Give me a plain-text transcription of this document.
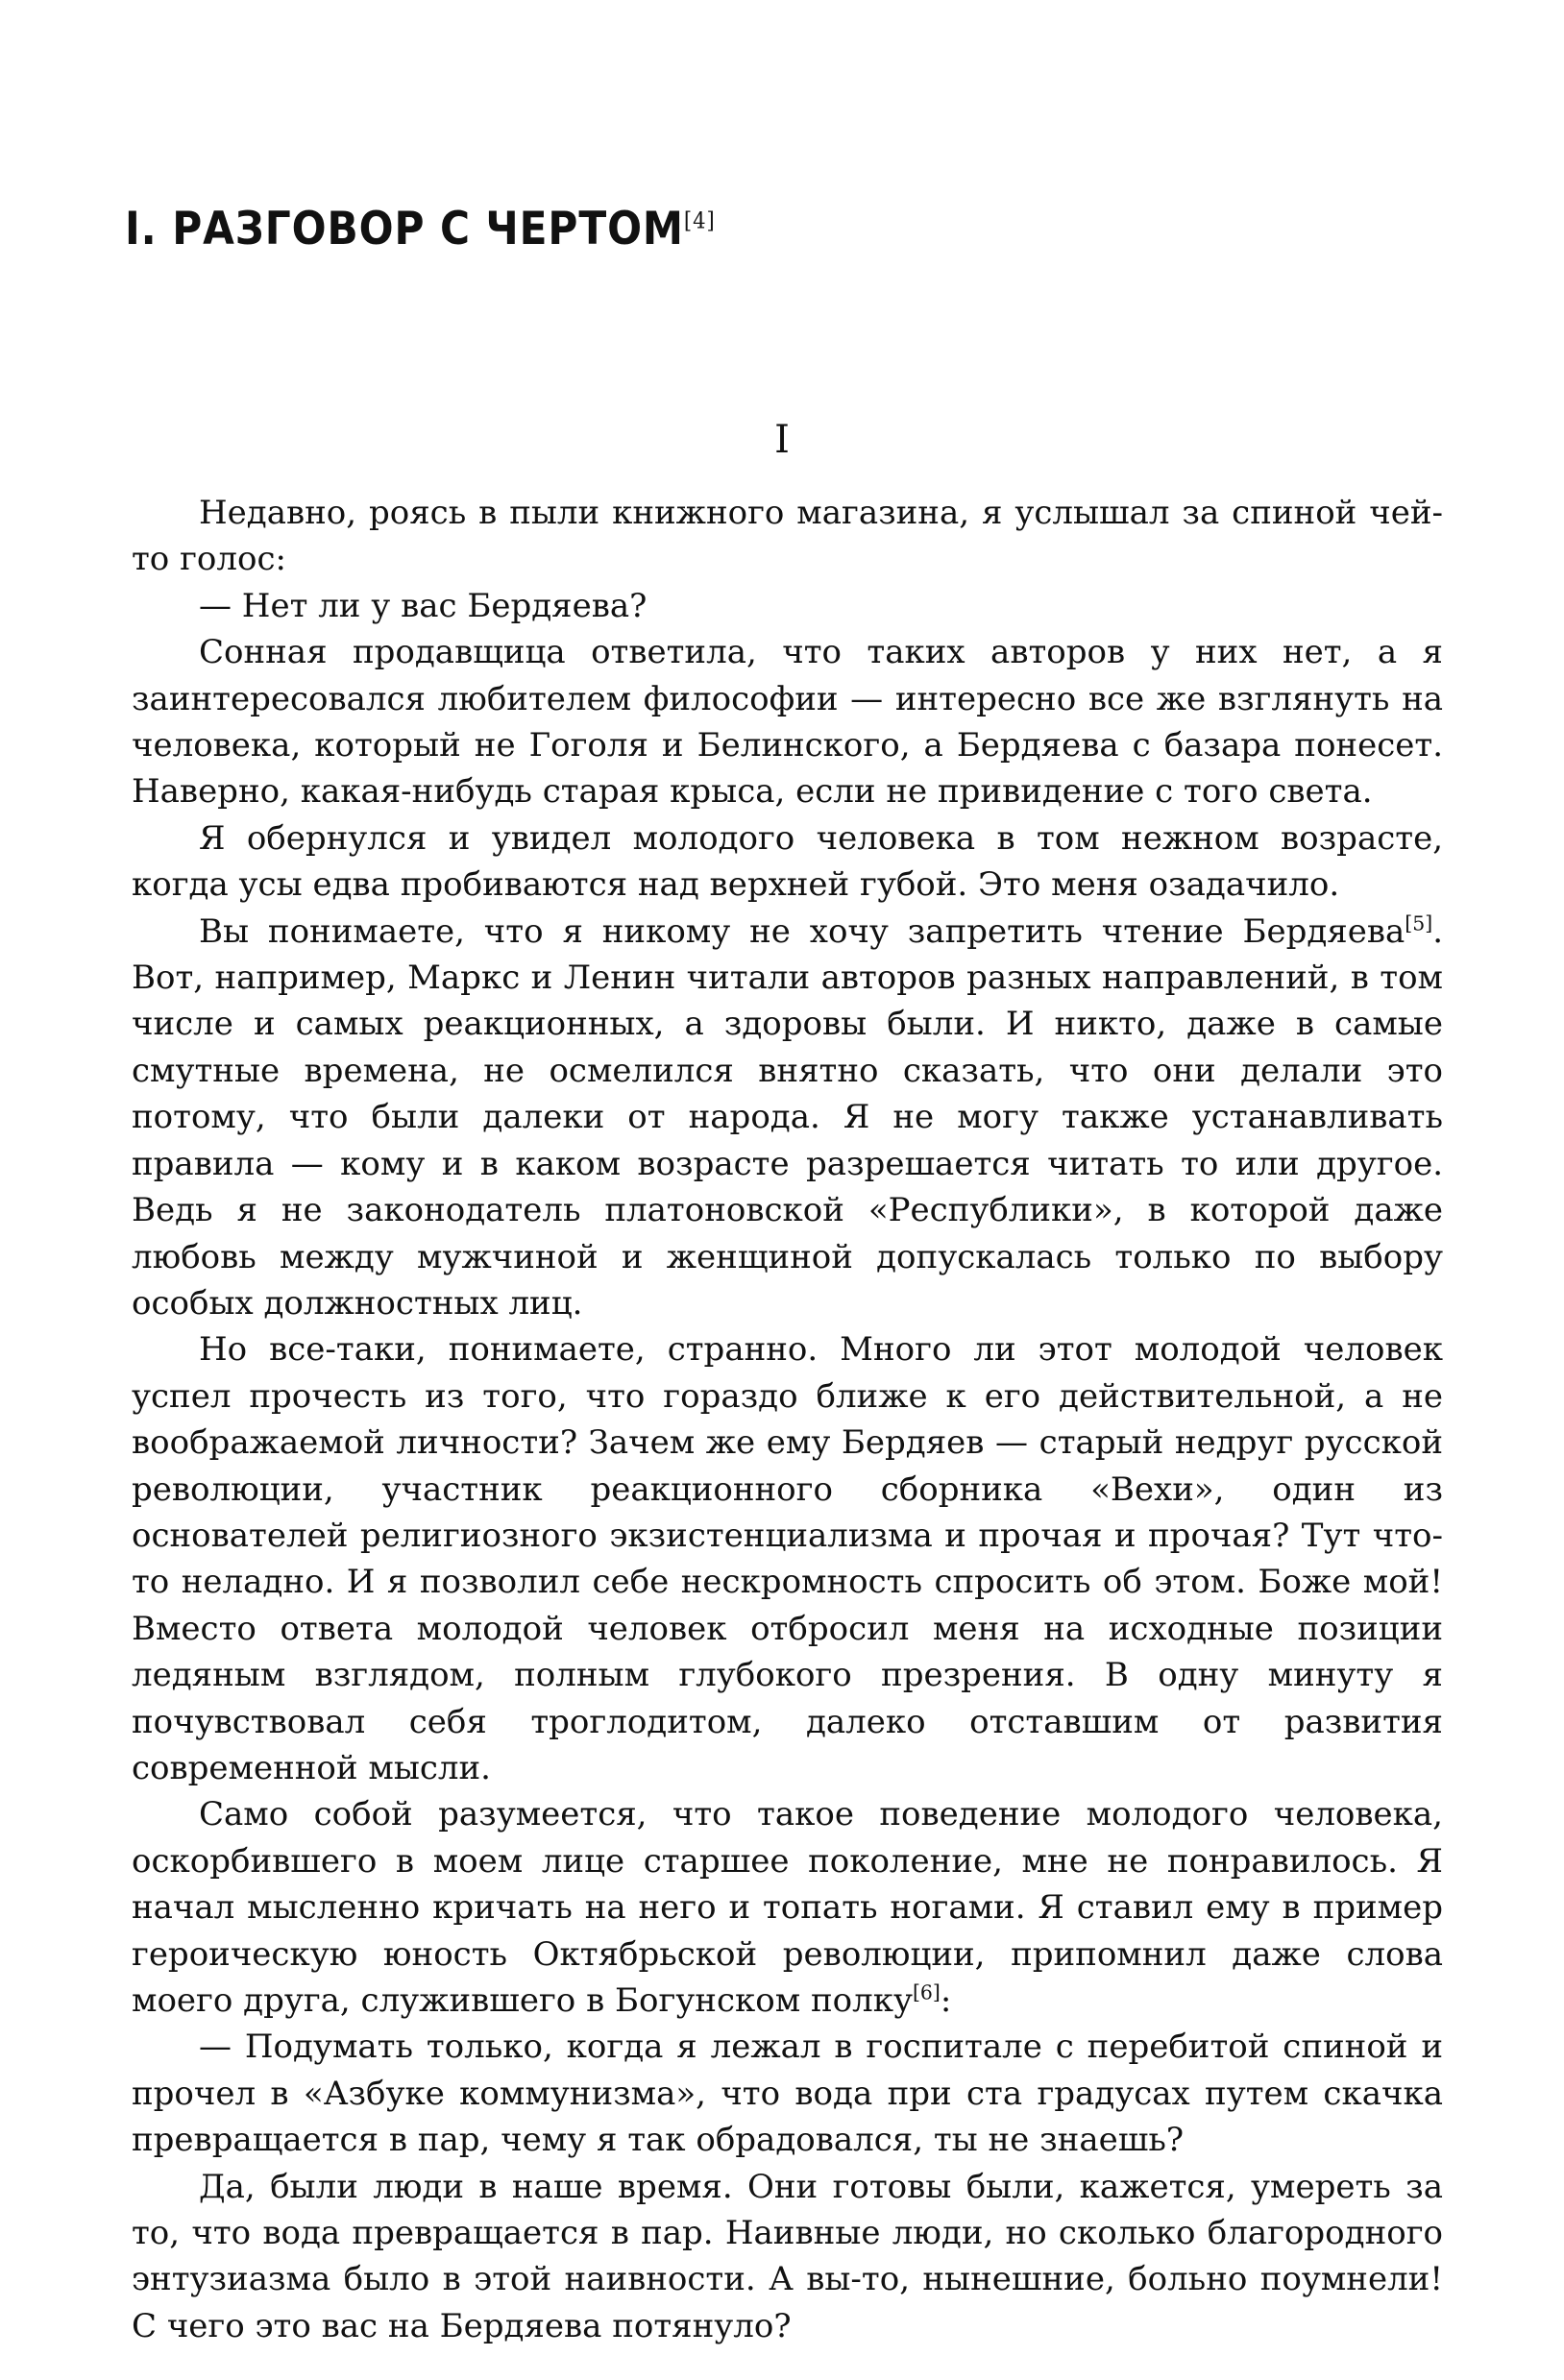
I. РАЗГОВОР С ЧЕРТОМ[4]
I

Недавно, роясь в пыли книжного магазина, я услышал за спиной чей-то голос:

— Нет ли у вас Бердяева?

Сонная продавщица ответила, что таких авторов у них нет, а я заинтересовался любителем философии — интересно все же взглянуть на человека, который не Гоголя и Белинского, а Бердяева с базара понесет. Наверно, какая-нибудь старая крыса, если не привидение с того света.

Я обернулся и увидел молодого человека в том нежном возрасте, когда усы едва пробиваются над верхней губой. Это меня озадачило.

Вы понимаете, что я никому не хочу запретить чтение Бердяева[5]. Вот, например, Маркс и Ленин читали авторов разных направлений, в том числе и самых реакционных, а здоровы были. И никто, даже в самые смутные времена, не осмелился внятно сказать, что они делали это потому, что были далеки от народа. Я не могу также устанавливать правила — кому и в каком возрасте разрешается читать то или другое. Ведь я не законодатель платоновской «Республики», в которой даже любовь между мужчиной и женщиной допускалась только по выбору особых должностных лиц.

Но все-таки, понимаете, странно. Много ли этот молодой человек успел прочесть из того, что гораздо ближе к его действительной, а не воображаемой личности? Зачем же ему Бердяев — старый недруг русской революции, участник реакционного сборника «Вехи», один из основателей религиозного экзистенциализма и прочая и прочая? Тут что-то неладно. И я позволил себе нескромность спросить об этом. Боже мой! Вместо ответа молодой человек отбросил меня на исходные позиции ледяным взглядом, полным глубокого презрения. В одну минуту я почувствовал себя троглодитом, далеко отставшим от развития современной мысли.

Само собой разумеется, что такое поведение молодого человека, оскорбившего в моем лице старшее поколение, мне не понравилось. Я начал мысленно кричать на него и топать ногами. Я ставил ему в пример героическую юность Октябрьской революции, припомнил даже слова моего друга, служившего в Богунском полку[6]:

— Подумать только, когда я лежал в госпитале с перебитой спиной и прочел в «Азбуке коммунизма», что вода при ста градусах путем скачка превращается в пар, чему я так обрадовался, ты не знаешь?

Да, были люди в наше время. Они готовы были, кажется, умереть за то, что вода превращается в пар. Наивные люди, но сколько благородного энтузиазма было в этой наивности. А вы-то, нынешние, больно поумнели! С чего это вас на Бердяева потянуло?
